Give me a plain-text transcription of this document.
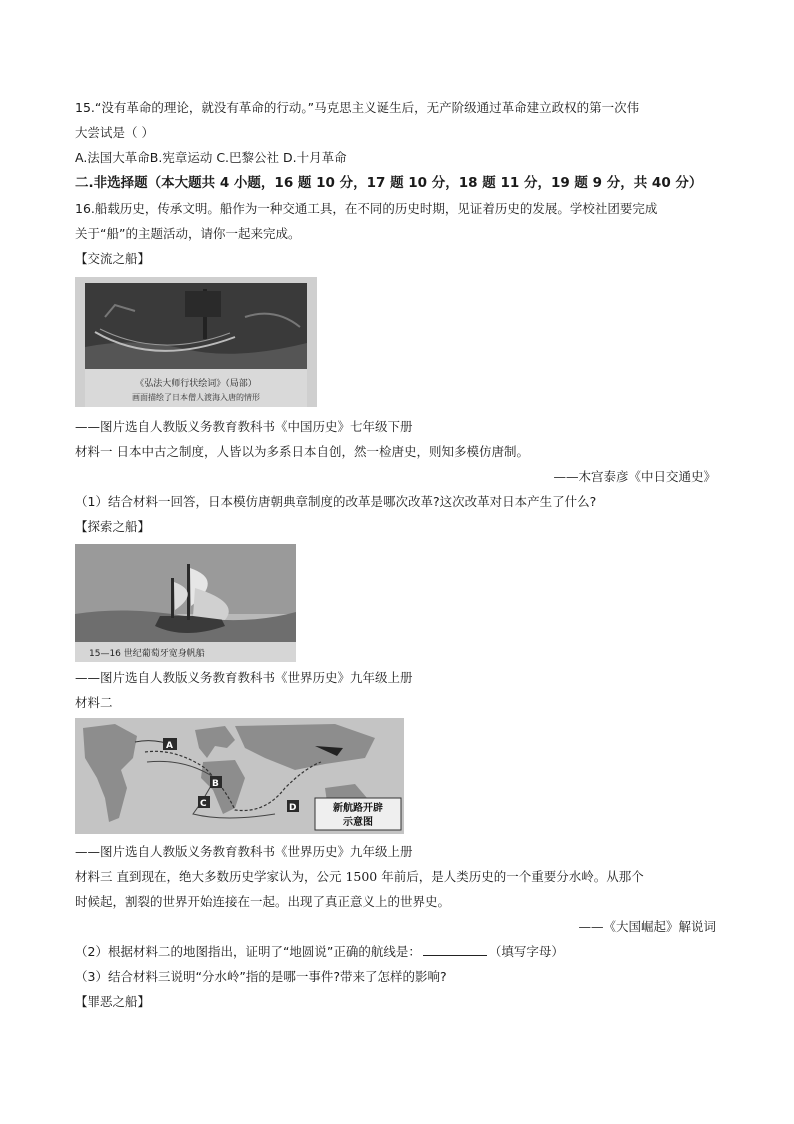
15.“没有革命的理论，就没有革命的行动。”马克思主义诞生后，无产阶级通过革命建立政权的第一次伟
大尝试是（ ）
A.法国大革命B.宪章运动 C.巴黎公社 D.十月革命
二.非选择题（本大题共 4 小题，16 题 10 分，17 题 10 分，18 题 11 分，19 题 9 分，共 40 分）
16.船载历史，传承文明。船作为一种交通工具，在不同的历史时期，见证着历史的发展。学校社团要完成
关于“船”的主题活动，请你一起来完成。
【交流之船】
《弘法大师行状绘词》（局部）
画面描绘了日本僧人渡海入唐的情形
——图片选自人教版义务教育教科书《中国历史》七年级下册
材料一 日本中古之制度，人皆以为多系日本自创，然一检唐史，则知多模仿唐制。
——木宫泰彦《中日交通史》
（1）结合材料一回答，日本模仿唐朝典章制度的改革是哪次改革?这次改革对日本产生了什么?
【探索之船】
15—16 世纪葡萄牙宽身帆船
——图片选自人教版义务教育教科书《世界历史》九年级上册
材料二
A
B
C	D	新航路开辟
示意图
——图片选自人教版义务教育教科书《世界历史》九年级上册
材料三 直到现在，绝大多数历史学家认为，公元 1500 年前后，是人类历史的一个重要分水岭。从那个
时候起，割裂的世界开始连接在一起。出现了真正意义上的世界史。
——《大国崛起》解说词
（2）根据材料二的地图指出，证明了“地圆说”正确的航线是：	（填写字母）
（3）结合材料三说明“分水岭”指的是哪一事件?带来了怎样的影响?
【罪恶之船】
